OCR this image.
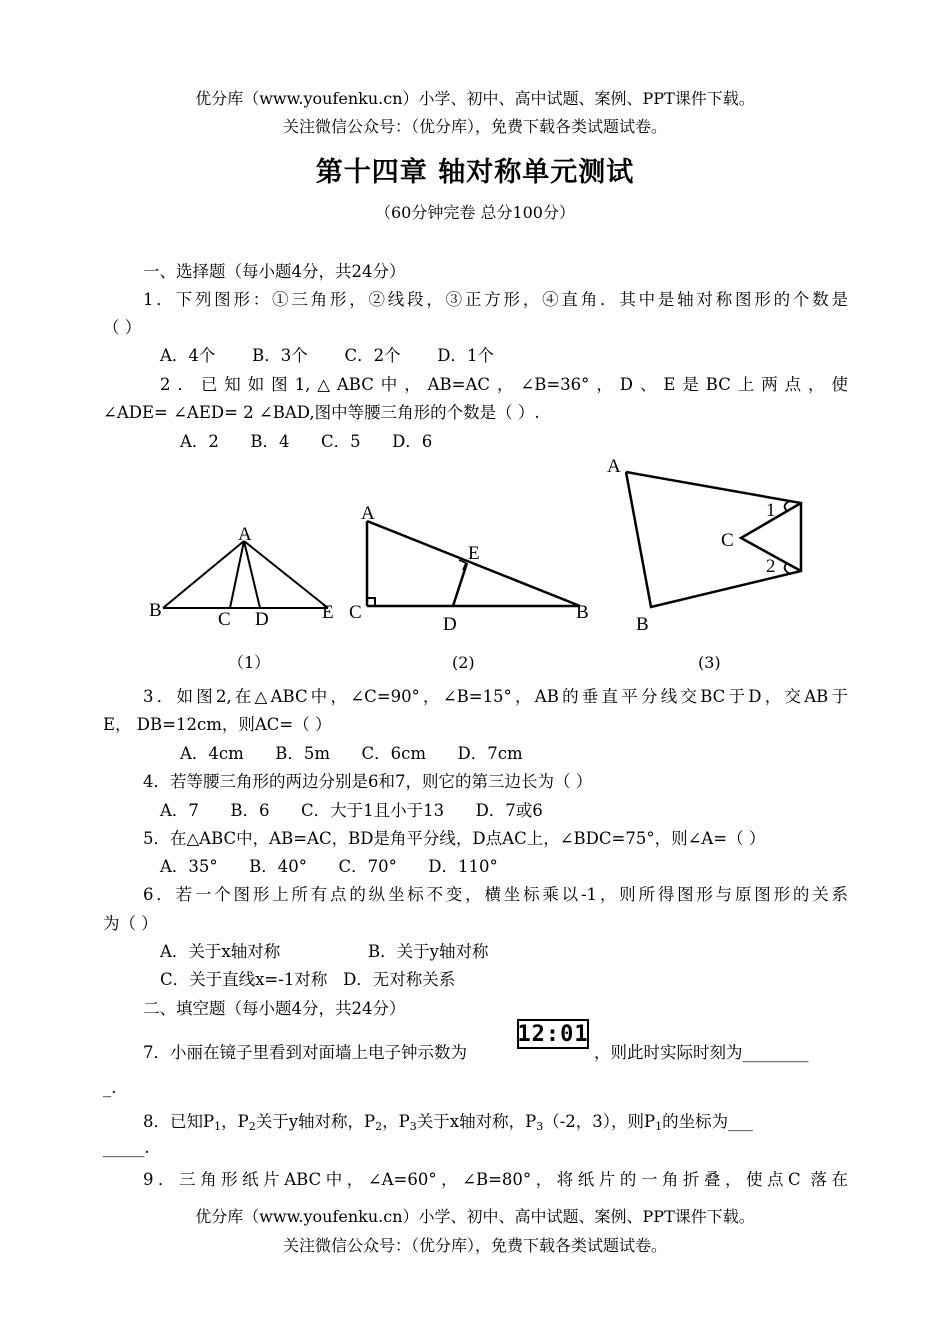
优分库（www.youfenku.cn）小学、初中、高中试题、案例、PPT课件下载。
关注微信公众号：（优分库），免费下载各类试题试卷。
第十四章 轴对称单元测试
（60分钟完卷 总分100分）
一、选择题（每小题4分，共24分）
1．下列图形：①三角形，②线段，③正方形，④直角．其中是轴对称图形的个数是
（ ）
A．4个       B．3个       C．2个       D．1个
2．已知如图1,△ABC中，AB=AC，∠B=36°，D、E是BC上两点，使
∠ADE= ∠AED= 2 ∠BAD,图中等腰三角形的个数是（ ）.
A．2      B．4      C．5      D．6
A
B	C D	E
A
C
D
E
B
A
B
C
1
2
（1）	(2)	(3)
3．如图2,在△ABC中，∠C=90°，∠B=15°，AB的垂直平分线交BC于D，交AB于
E， DB=12cm，则AC=（ ）
A．4cm      B．5m      C．6cm      D．7cm
4．若等腰三角形的两边分别是6和7，则它的第三边长为（ ）
A．7      B．6      C．大于1且小于13      D．7或6
5．在△ABC中，AB=AC，BD是角平分线，D点AC上，∠BDC=75°，则∠A=（ ）
A．35°      B．40°      C．70°      D．110°
6．若一个图形上所有点的纵坐标不变，横坐标乘以-1，则所得图形与原图形的关系
为（ ）
A．关于x轴对称	B．关于y轴对称
C．关于直线x=-1对称   D．无对称关系
二、填空题（每小题4分，共24分）
7．小丽在镜子里看到对面墙上电子钟示数为
12:01
，则此时实际时刻为________
_.
8．已知$P_1$，$P_2$关于y轴对称，$P_2$，$P_3$关于x轴对称，$P_3(-2$，3），则$P_1$的坐标为___
_____.
9．三角形纸片ABC中，∠A=60°，∠B=80°，将纸片的一角折叠，使点C 落在
优分库（www.youfenku.cn）小学、初中、高中试题、案例、PPT课件下载。
关注微信公众号：（优分库），免费下载各类试题试卷。
